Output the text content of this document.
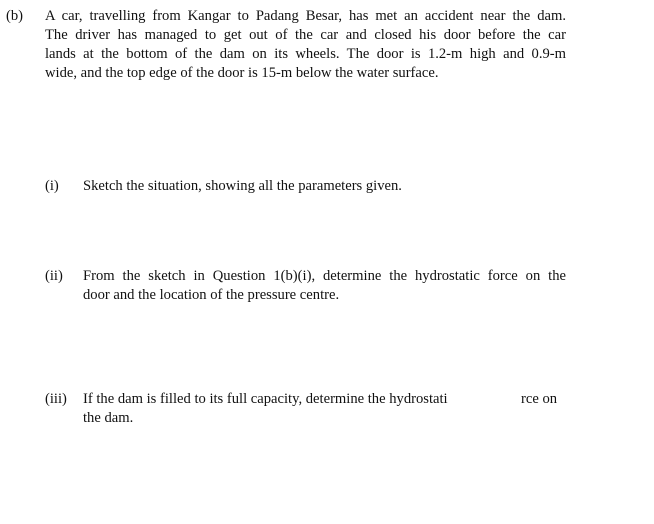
(b) A car, travelling from Kangar to Padang Besar, has met an accident near the dam.
The driver has managed to get out of the car and closed his door before the car
lands at the bottom of the dam on its wheels. The door is 1.2-m high and 0.9-m
wide, and the top edge of the door is 15-m below the water surface.
(i) Sketch the situation, showing all the parameters given.
(ii) From the sketch in Question 1(b)(i), determine the hydrostatic force on the
door and the location of the pressure centre.
(iii) If the dam is filled to its full capacity, determine the hydrostati	rce on
the dam.
